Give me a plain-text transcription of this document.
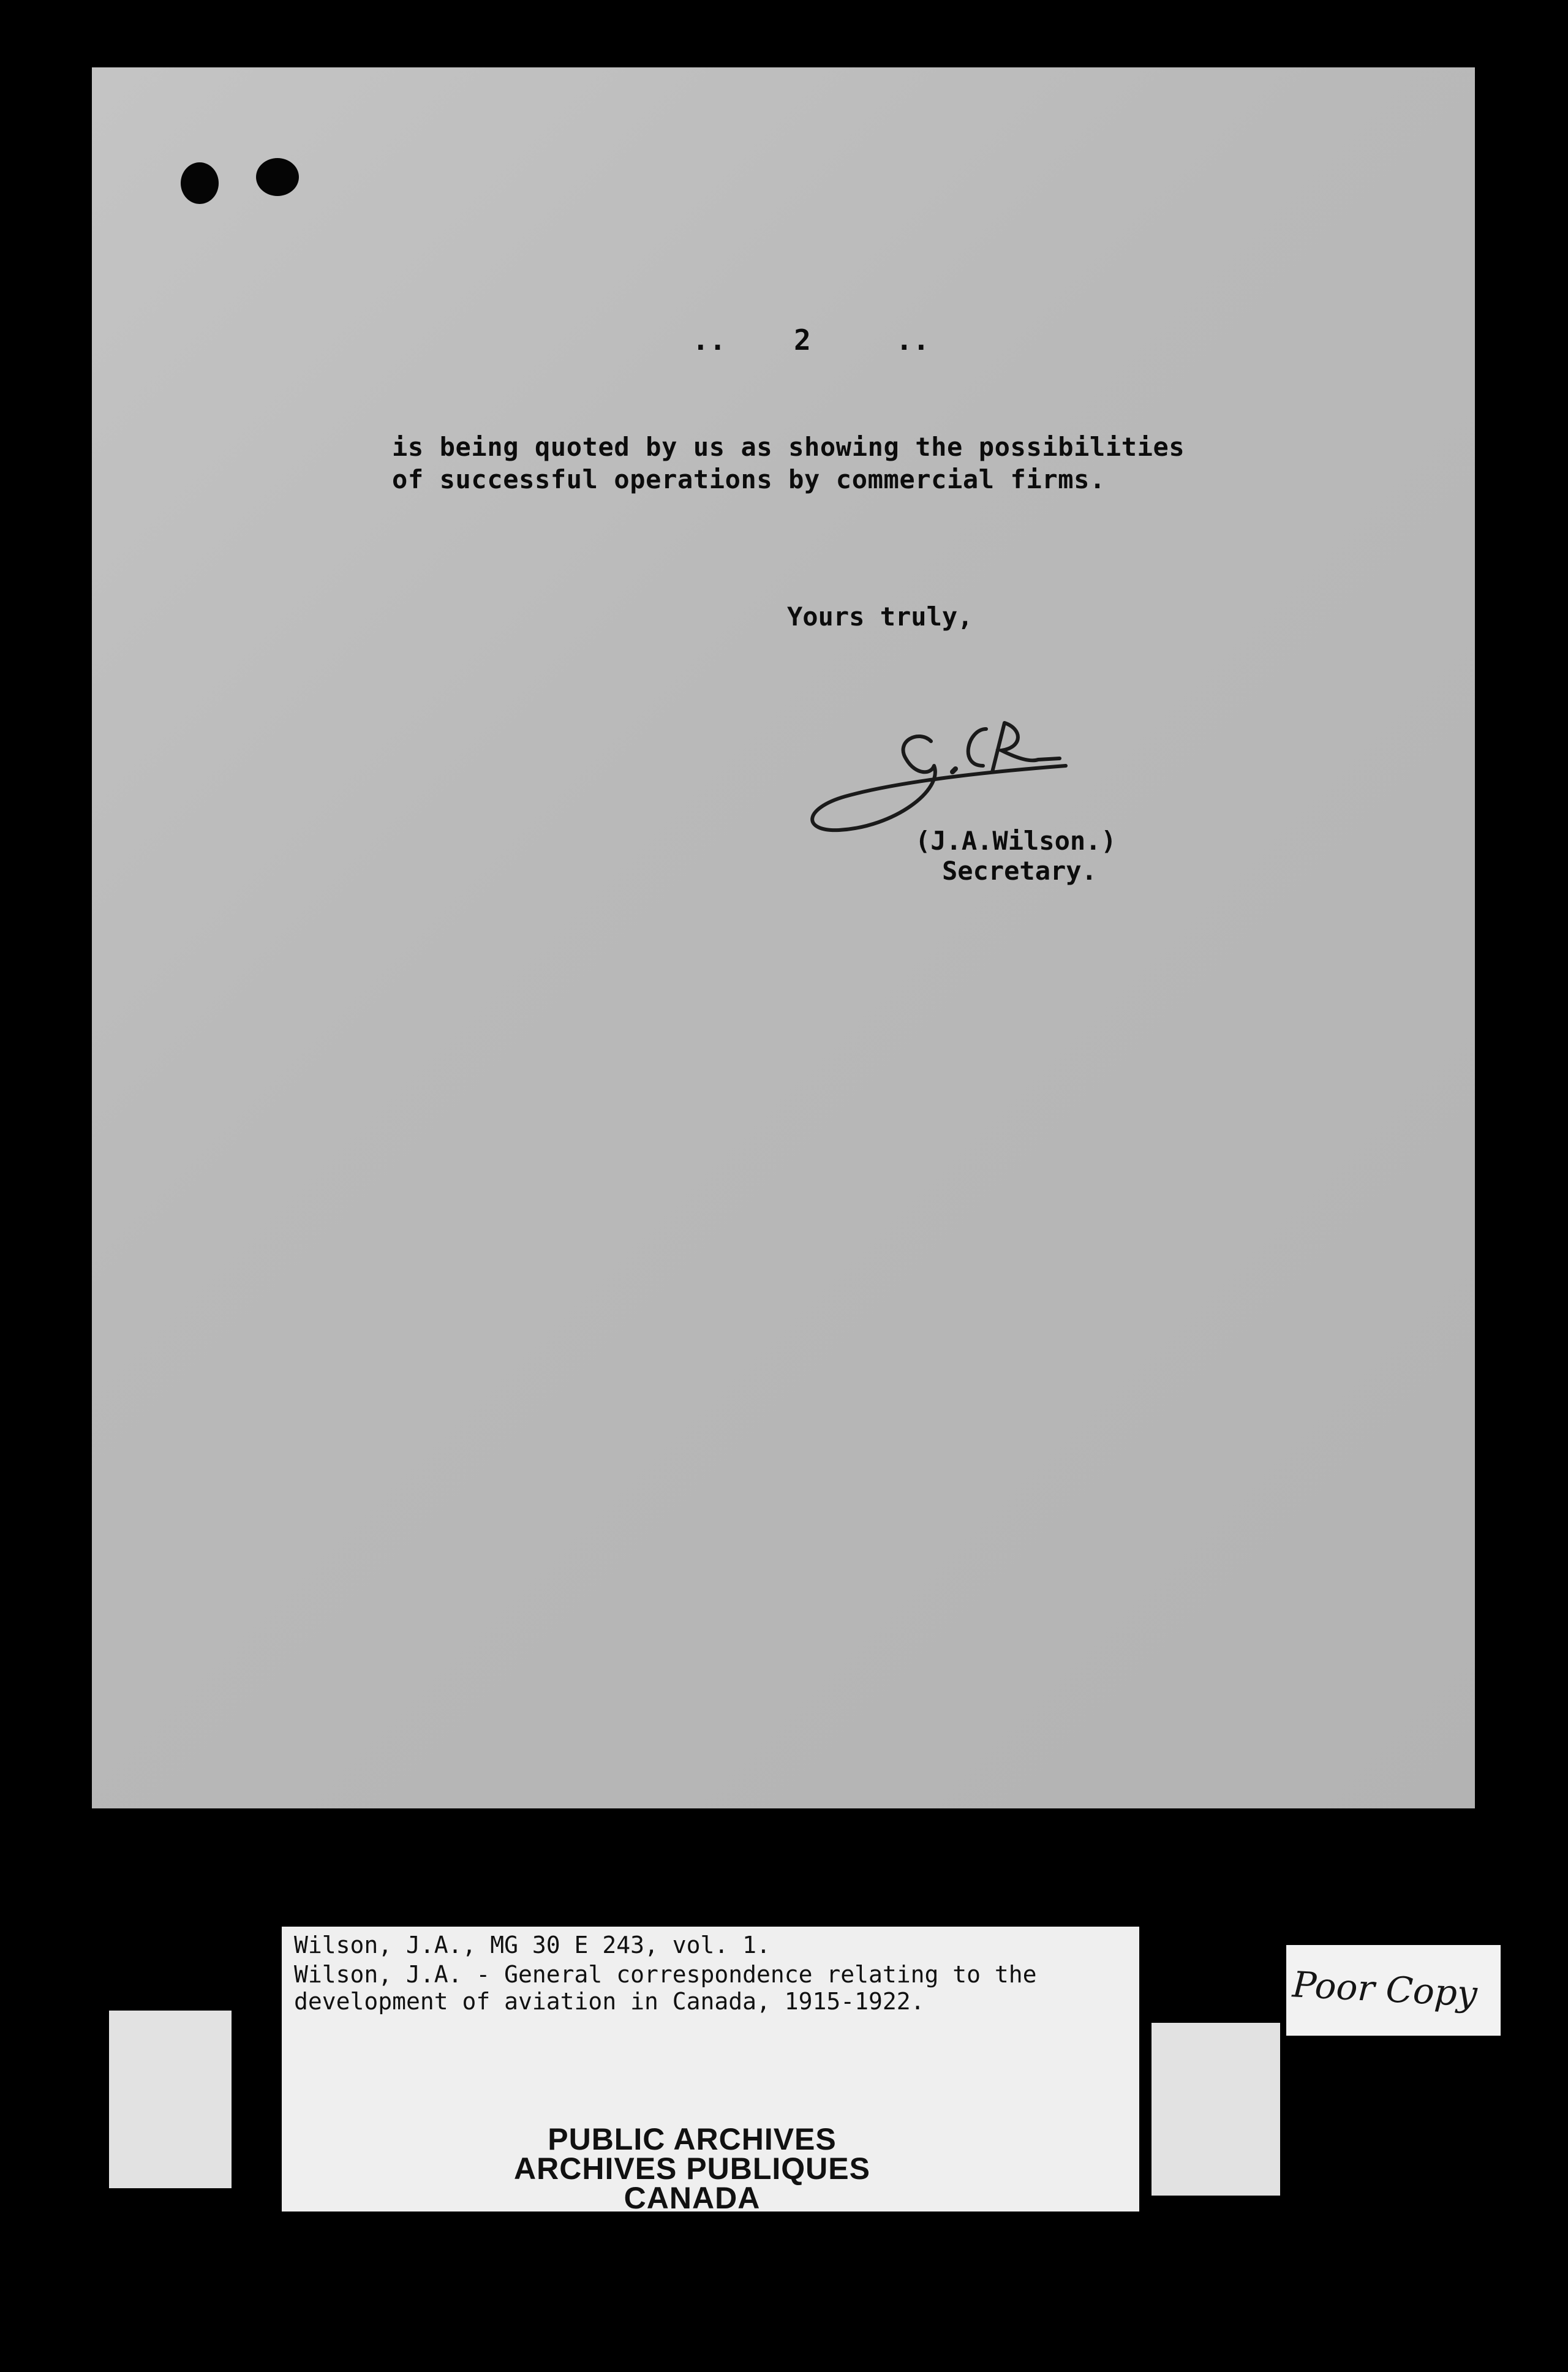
..    2     ..
is being quoted by us as showing the possibilities
of successful operations by commercial firms.
Yours truly,
(J.A.Wilson.)
Secretary.
Wilson, J.A., MG 30 E 243, vol. 1.
Wilson, J.A. - General correspondence relating to the
development of aviation in Canada, 1915-1922.
PUBLIC ARCHIVES
ARCHIVES PUBLIQUES
CANADA
Poor Copy
